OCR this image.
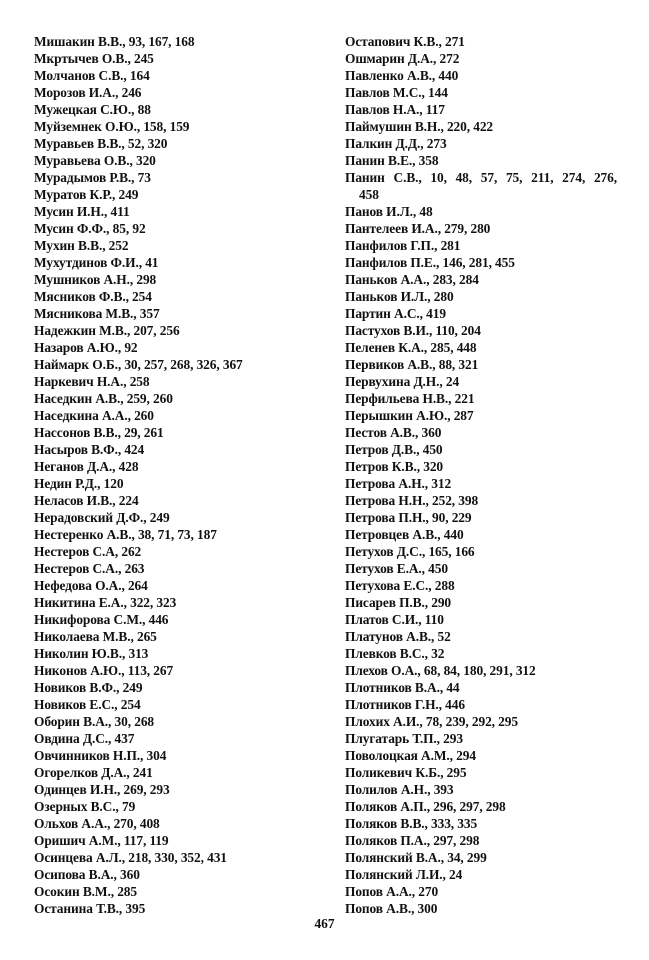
Мишакин В.В., 93, 167, 168
Мкртычев О.В., 245
Молчанов С.В., 164
Морозов И.А., 246
Мужецкая С.Ю., 88
Муйземнек О.Ю., 158, 159
Муравьев В.В., 52, 320
Муравьева О.В., 320
Мурадымов Р.В., 73
Муратов К.Р., 249
Мусин И.Н., 411
Мусин Ф.Ф., 85, 92
Мухин В.В., 252
Мухутдинов Ф.И., 41
Мушников А.Н., 298
Мясников Ф.В., 254
Мясникова М.В., 357
Надежкин М.В., 207, 256
Назаров А.Ю., 92
Наймарк О.Б., 30, 257, 268, 326, 367
Наркевич Н.А., 258
Наседкин А.В., 259, 260
Наседкина А.А., 260
Нассонов В.В., 29, 261
Насыров В.Ф., 424
Неганов Д.А., 428
Недин Р.Д., 120
Неласов И.В., 224
Нерадовский Д.Ф., 249
Нестеренко А.В., 38, 71, 73, 187
Нестеров С.А, 262
Нестеров С.А., 263
Нефедова О.А., 264
Никитина Е.А., 322, 323
Никифорова С.М., 446
Николаева М.В., 265
Николин Ю.В., 313
Никонов А.Ю., 113, 267
Новиков В.Ф., 249
Новиков Е.С., 254
Оборин В.А., 30, 268
Овдина Д.С., 437
Овчинников Н.П., 304
Огорелков Д.А., 241
Одинцев И.Н., 269, 293
Озерных В.С., 79
Ольхов А.А., 270, 408
Оришич А.М., 117, 119
Осинцева А.Л., 218, 330, 352, 431
Осипова В.А., 360
Осокин В.М., 285
Останина Т.В., 395
Остапович К.В., 271
Ошмарин Д.А., 272
Павленко А.В., 440
Павлов М.С., 144
Павлов Н.А., 117
Паймушин В.Н., 220, 422
Палкин Д.Д., 273
Панин В.Е., 358
Панин С.В., 10, 48, 57, 75, 211, 274, 276,
458
Панов И.Л., 48
Пантелеев И.А., 279, 280
Панфилов Г.П., 281
Панфилов П.Е., 146, 281, 455
Паньков А.А., 283, 284
Паньков И.Л., 280
Партин А.С., 419
Пастухов В.И., 110, 204
Пеленев К.А., 285, 448
Первиков А.В., 88, 321
Первухина Д.Н., 24
Перфильева Н.В., 221
Перышкин А.Ю., 287
Пестов А.В., 360
Петров Д.В., 450
Петров К.В., 320
Петрова А.Н., 312
Петрова Н.Н., 252, 398
Петрова П.Н., 90, 229
Петровцев А.В., 440
Петухов Д.С., 165, 166
Петухов Е.А., 450
Петухова Е.С., 288
Писарев П.В., 290
Платов С.И., 110
Платунов А.В., 52
Плевков В.С., 32
Плехов О.А., 68, 84, 180, 291, 312
Плотников В.А., 44
Плотников Г.Н., 446
Плохих А.И., 78, 239, 292, 295
Плугатарь Т.П., 293
Поволоцкая А.М., 294
Поликевич К.Б., 295
Полилов А.Н., 393
Поляков А.П., 296, 297, 298
Поляков В.В., 333, 335
Поляков П.А., 297, 298
Полянский В.А., 34, 299
Полянский Л.И., 24
Попов А.А., 270
Попов А.В., 300
467
